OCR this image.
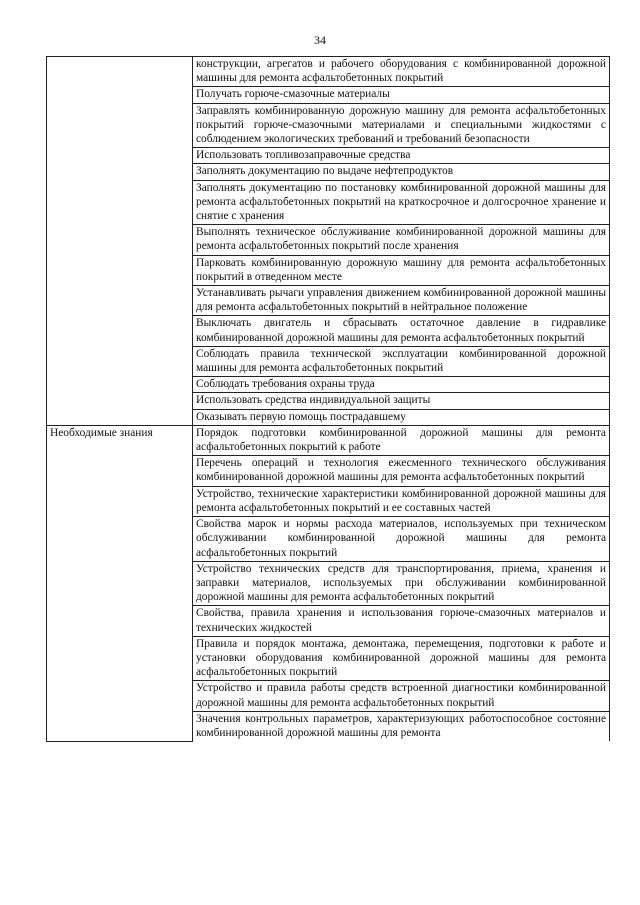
34
	конструкции, агрегатов и рабочего оборудования с комбинированной дорожной машины для ремонта асфальтобетонных покрытий
	Получать горюче-смазочные материалы
	Заправлять комбинированную дорожную машину для ремонта асфальтобетонных покрытий горюче-смазочными материалами и специальными жидкостями с соблюдением экологических требований и требований безопасности
	Использовать топливозаправочные средства
	Заполнять документацию по выдаче нефтепродуктов
	Заполнять документацию по постановку комбинированной дорожной машины для ремонта асфальтобетонных покрытий на краткосрочное и долгосрочное хранение и снятие с хранения
	Выполнять техническое обслуживание комбинированной дорожной машины для ремонта асфальтобетонных покрытий после хранения
	Парковать комбинированную дорожную машину для ремонта асфальтобетонных покрытий в отведенном месте
	Устанавливать рычаги управления движением комбинированной дорожной машины для ремонта асфальтобетонных покрытий в нейтральное положение
	Выключать двигатель и сбрасывать остаточное давление в гидравлике комбинированной дорожной машины для ремонта асфальтобетонных покрытий
	Соблюдать правила технической эксплуатации комбинированной дорожной машины для ремонта асфальтобетонных покрытий
	Соблюдать требования охраны труда
	Использовать средства индивидуальной защиты
	Оказывать первую помощь пострадавшему
Необходимые знания	Порядок подготовки комбинированной дорожной машины для ремонта асфальтобетонных покрытий к работе
	Перечень операций и технология ежесменного технического обслуживания комбинированной дорожной машины для ремонта асфальтобетонных покрытий
	Устройство, технические характеристики комбинированной дорожной машины для ремонта асфальтобетонных покрытий и ее составных частей
	Свойства марок и нормы расхода материалов, используемых при техническом обслуживании комбинированной дорожной машины для ремонта асфальтобетонных покрытий
	Устройство технических средств для транспортирования, приема, хранения и заправки материалов, используемых при обслуживании комбинированной дорожной машины для ремонта асфальтобетонных покрытий
	Свойства, правила хранения и использования горюче-смазочных материалов и технических жидкостей
	Правила и порядок монтажа, демонтажа, перемещения, подготовки к работе и установки оборудования комбинированной дорожной машины для ремонта асфальтобетонных покрытий
	Устройство и правила работы средств встроенной диагностики комбинированной дорожной машины для ремонта асфальтобетонных покрытий
	Значения контрольных параметров, характеризующих работоспособное состояние комбинированной дорожной машины для ремонта
